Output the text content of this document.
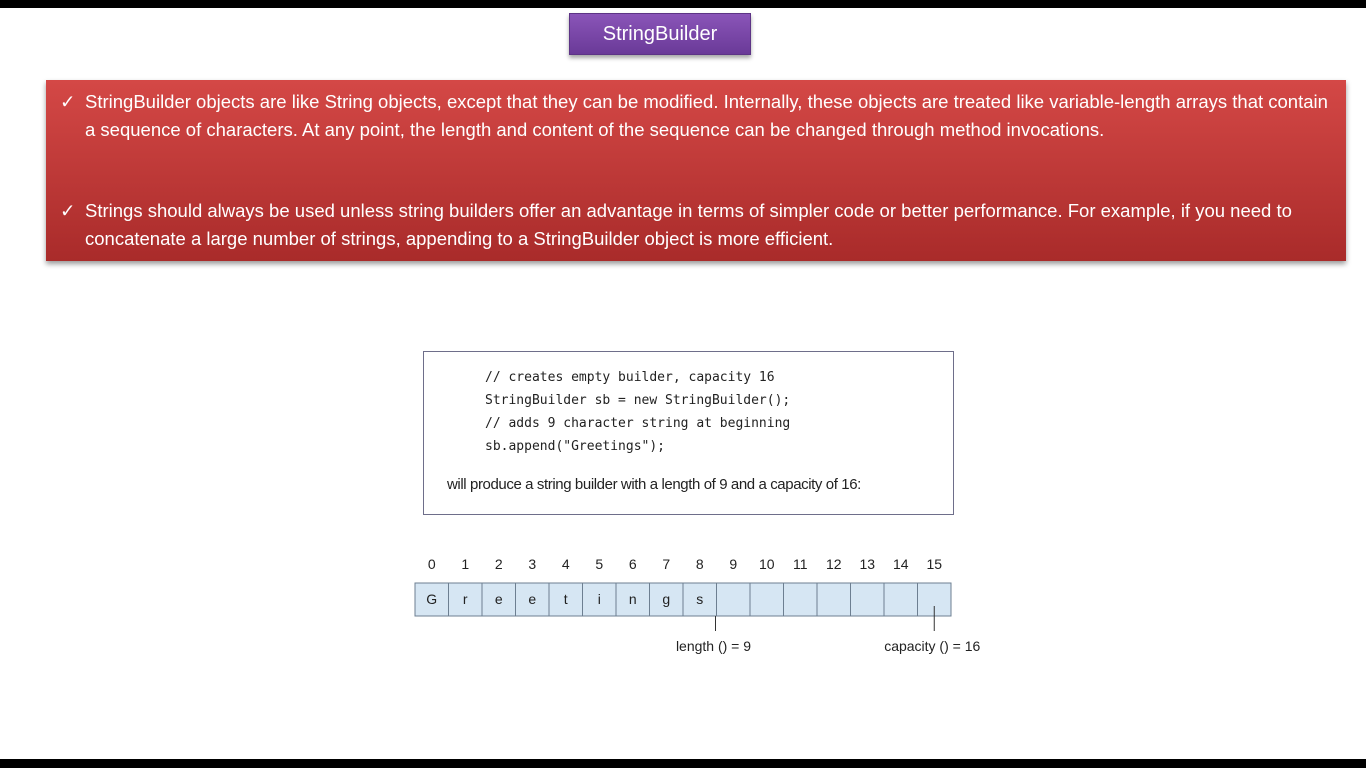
StringBuilder
✓ StringBuilder objects are like String objects, except that they can be modified. Internally, these objects are treated like variable-length arrays that contain a sequence of characters. At any point, the length and content of the sequence can be changed through method invocations.
✓ Strings should always be used unless string builders offer an advantage in terms of simpler code or better performance. For example, if you need to concatenate a large number of strings, appending to a StringBuilder object is more efficient.
// creates empty builder, capacity 16
StringBuilder sb = new StringBuilder();
// adds 9 character string at beginning
sb.append("Greetings");
will produce a string builder with a length of 9 and a capacity of 16:
0
G
1
r
2
e
3
e
4
t
5
i
6
n
7
g
8
s
9 10 11 12 13 14 15
length () = 9	capacity () = 16
